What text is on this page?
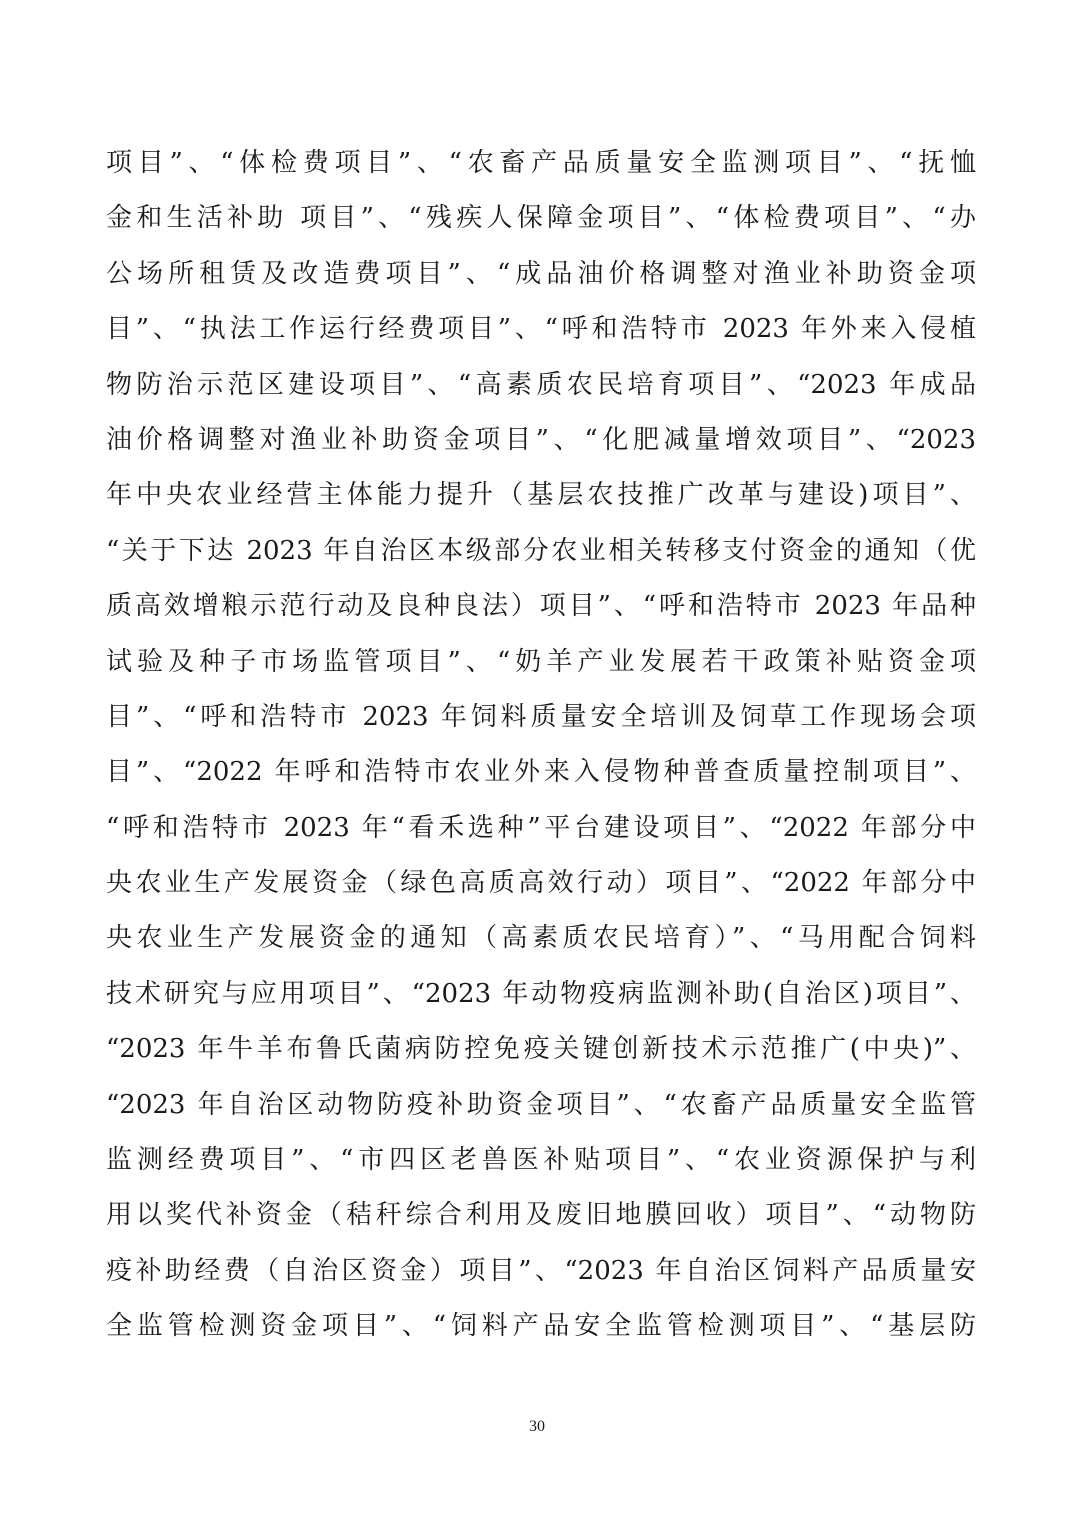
项目”、“体检费项目”、“农畜产品质量安全监测项目”、“抚恤
金和生活补助 项目”、“残疾人保障金项目”、“体检费项目”、“办
公场所租赁及改造费项目”、“成品油价格调整对渔业补助资金项
目”、“执法工作运行经费项目”、“呼和浩特市 2023 年外来入侵植
物防治示范区建设项目”、“高素质农民培育项目”、“2023 年成品
油价格调整对渔业补助资金项目”、“化肥减量增效项目”、“2023
年中央农业经营主体能力提升（基层农技推广改革与建设)项目”、
“关于下达 2023 年自治区本级部分农业相关转移支付资金的通知（优
质高效增粮示范行动及良种良法）项目”、“呼和浩特市 2023 年品种
试验及种子市场监管项目”、“奶羊产业发展若干政策补贴资金项
目”、“呼和浩特市 2023 年饲料质量安全培训及饲草工作现场会项
目”、“2022 年呼和浩特市农业外来入侵物种普查质量控制项目”、
“呼和浩特市 2023 年“看禾选种”平台建设项目”、“2022 年部分中
央农业生产发展资金（绿色高质高效行动）项目”、“2022 年部分中
央农业生产发展资金的通知（高素质农民培育）”、“马用配合饲料
技术研究与应用项目”、“2023 年动物疫病监测补助(自治区)项目”、
“2023 年牛羊布鲁氏菌病防控免疫关键创新技术示范推广(中央)”、
“2023 年自治区动物防疫补助资金项目”、“农畜产品质量安全监管
监测经费项目”、“市四区老兽医补贴项目”、“农业资源保护与利
用以奖代补资金（秸秆综合利用及废旧地膜回收）项目”、“动物防
疫补助经费（自治区资金）项目”、“2023 年自治区饲料产品质量安
全监管检测资金项目”、“饲料产品安全监管检测项目”、“基层防
30
